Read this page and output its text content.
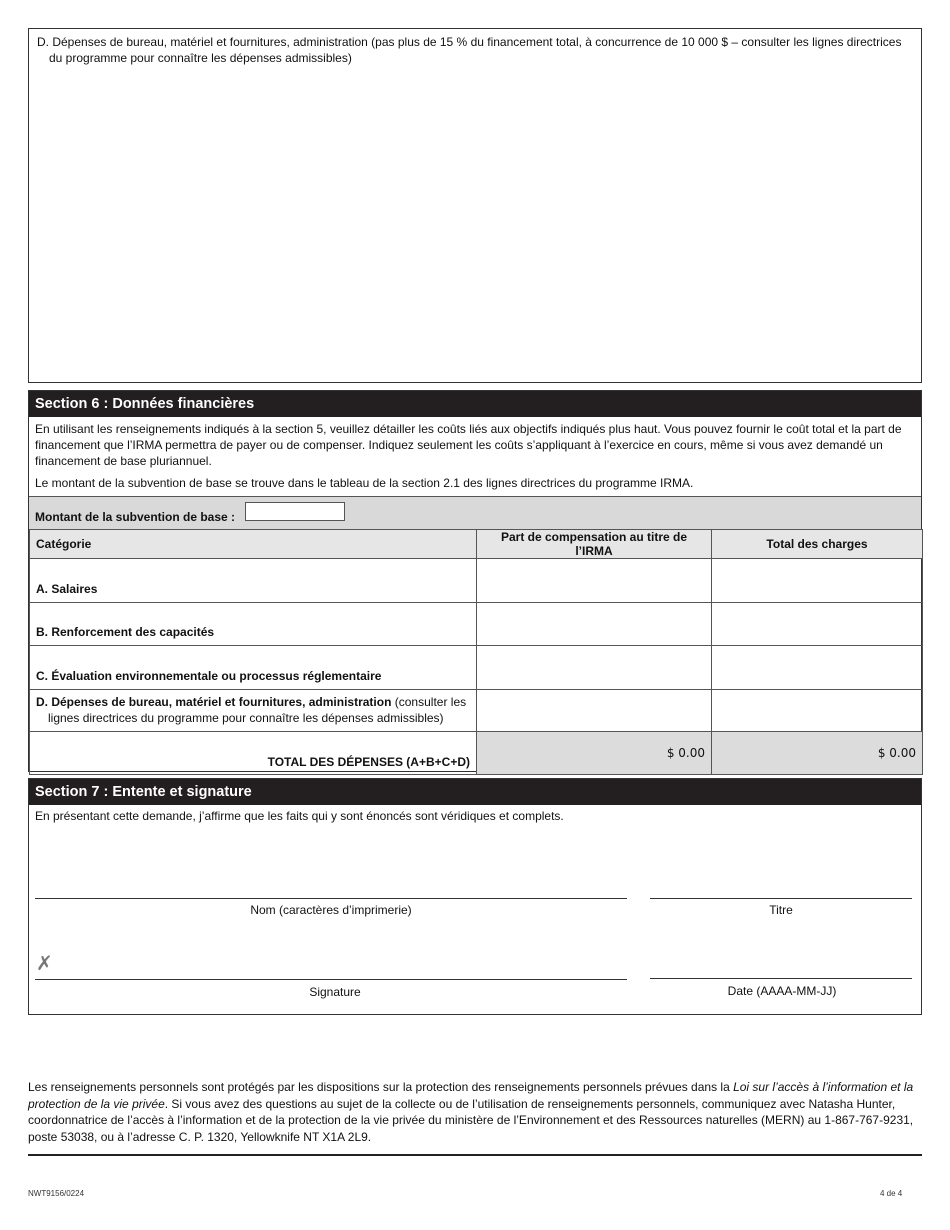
D. Dépenses de bureau, matériel et fournitures, administration (pas plus de 15 % du financement total, à concurrence de 10 000 $ – consulter les lignes directrices du programme pour connaître les dépenses admissibles)
Section 6 : Données financières
En utilisant les renseignements indiqués à la section 5, veuillez détailler les coûts liés aux objectifs indiqués plus haut. Vous pouvez fournir le coût total et la part de financement que l’IRMA permettra de payer ou de compenser. Indiquez seulement les coûts s’appliquant à l’exercice en cours, même si vous avez demandé un financement de base pluriannuel.
Le montant de la subvention de base se trouve dans le tableau de la section 2.1 des lignes directrices du programme IRMA.
Montant de la subvention de base :
Catégorie	Part de compensation au titre de l’IRMA	Total des charges
A. Salaires		
B. Renforcement des capacités		
C. Évaluation environnementale ou processus réglementaire		
D. Dépenses de bureau, matériel et fournitures, administration (consulter les lignes directrices du programme pour connaître les dépenses admissibles)		
TOTAL DES DÉPENSES (A+B+C+D)	$ 0.00	$ 0.00
Section 7 : Entente et signature
En présentant cette demande, j’affirme que les faits qui y sont énoncés sont véridiques et complets.
Nom (caractères d’imprimerie)	Titre
✗
Signature	Date (AAAA-MM-JJ)
Les renseignements personnels sont protégés par les dispositions sur la protection des renseignements personnels prévues dans la Loi sur l’accès à l’information et la protection de la vie privée. Si vous avez des questions au sujet de la collecte ou de l’utilisation de renseignements personnels, communiquez avec Natasha Hunter, coordonnatrice de l’accès à l’information et de la protection de la vie privée du ministère de l’Environnement et des Ressources naturelles (MERN) au 1-867-767-9231, poste 53038, ou à l’adresse C. P. 1320, Yellowknife NT X1A 2L9.
NWT9156/0224	4 de 4
